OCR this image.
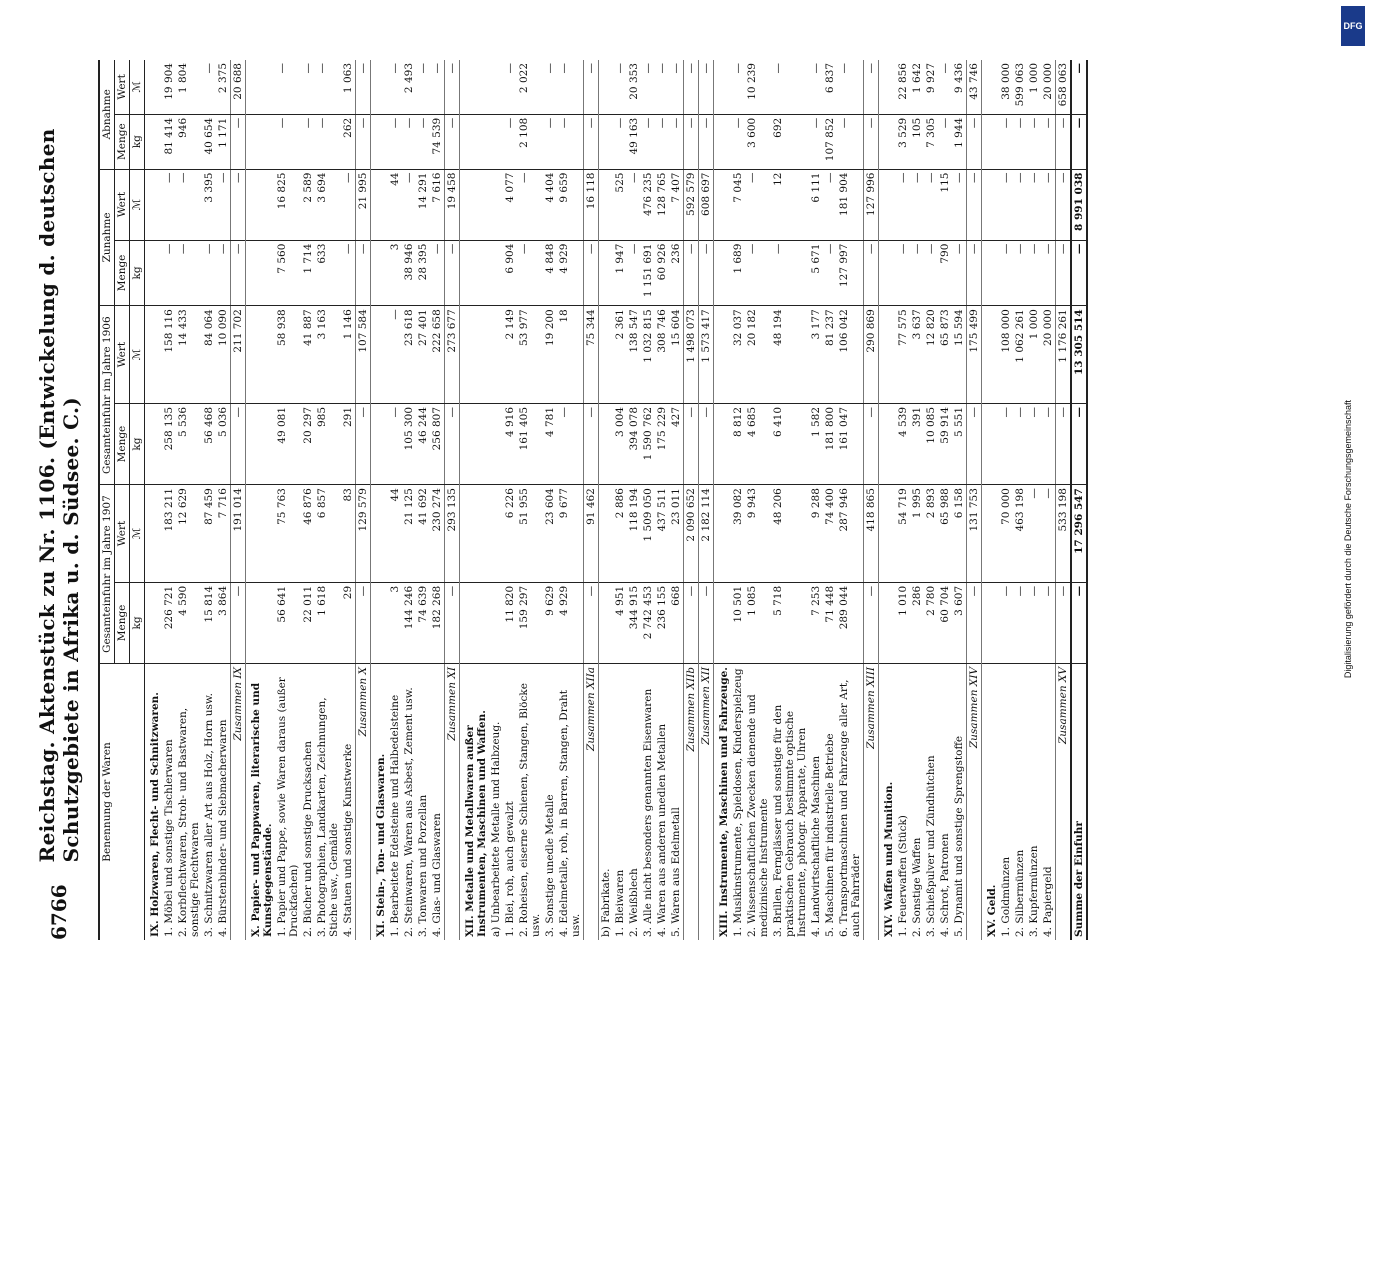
6766
Reichstag. Aktenstück zu Nr. 1106. (Entwickelung d. deutschen Schutzgebiete in Afrika u. d. Südsee. C.) Benennung der Waren	Gesamteinfuhr im Jahre 1907		Gesamteinfuhr im Jahre 1906		Zunahme		Abnahme	
	Menge	Wert	Menge	Wert	Menge	Wert	Menge	Wert
	kg	ℳ	kg	ℳ	kg	ℳ	kg	ℳ
IX. Holzwaren, Flecht- und Schnitzwaren.								
1. Möbel und sonstige Tischlerwaren	226 721	183 211	258 135	158 116	—	—	81 414	19 904
2. Korbflechtwaren, Stroh- und Bastwaren, sonstige Flechtwaren	4 590	12 629	5 536	14 433	—	—	946	1 804
3. Schnitzwaren aller Art aus Holz, Horn usw.	15 814	87 459	56 468	84 064	—	3 395	40 654	—
4. Bürstenbinder- und Siebmacherwaren	3 864	7 716	5 036	10 090	—	—	1 171	2 375
Zusammen IX	—	191 014	—	211 702	—	—	—	20 688
X. Papier- und Pappwaren, literarische und Kunstgegenstände.								
1. Papier und Pappe, sowie Waren daraus (außer Druckfachen)	56 641	75 763	49 081	58 938	7 560	16 825	—	—
2. Bücher und sonstige Drucksachen	22 011	46 876	20 297	41 887	1 714	2 589	—	—
3. Photographien, Landkarten, Zeichnungen, Stiche usw., Gemälde	1 618	6 857	985	3 163	633	3 694	—	—
4. Statuen und sonstige Kunstwerke	29	83	291	1 146	—	—	262	1 063
Zusammen X	—	129 579	—	107 584	—	21 995	—	—
XI. Stein-, Ton- und Glaswaren.								
1. Bearbeitete Edelsteine und Halbedelsteine	3	44	—	—	3	44	—	—
2. Steinwaren, Waren aus Asbest, Zement usw.	144 246	21 125	105 300	23 618	38 946	—	—	2 493
3. Tonwaren und Porzellan	74 639	41 692	46 244	27 401	28 395	14 291	—	—
4. Glas- und Glaswaren	182 268	230 274	256 807	222 658	—	7 616	74 539	—
Zusammen XI	—	293 135	—	273 677	—	19 458	—	—
XII. Metalle und Metallwaren außer Instrumenten, Maschinen und Waffen.								
a) Unbearbeitete Metalle und Halbzeug.								
1. Blei, roh, auch gewalzt	11 820	6 226	4 916	2 149	6 904	4 077	—	—
2. Roheisen, eiserne Schienen, Stangen, Blöcke usw.	159 297	51 955	161 405	53 977	—	—	2 108	2 022
3. Sonstige unedle Metalle	9 629	23 604	4 781	19 200	4 848	4 404	—	—
4. Edelmetalle, roh, in Barren, Stangen, Draht usw.	4 929	9 677	—	18	4 929	9 659	—	—
Zusammen XIIa	—	91 462	—	75 344	—	16 118	—	—
b) Fabrikate.								
1. Bleiwaren	4 951	2 886	3 004	2 361	1 947	525	—	—
2. Weißblech	344 915	118 194	394 078	138 547	—	—	49 163	20 353
3. Alle nicht besonders genannten Eisenwaren	2 742 453	1 509 050	1 590 762	1 032 815	1 151 691	476 235	—	—
4. Waren aus anderen unedlen Metallen	236 155	437 511	175 229	308 746	60 926	128 765	—	—
5. Waren aus Edelmetall	668	23 011	427	15 604	236	7 407	—	—
Zusammen XIIb	—	2 090 652	—	1 498 073	—	592 579	—	—
Zusammen XII	—	2 182 114	—	1 573 417	—	608 697	—	—
XIII. Instrumente, Maschinen und Fahrzeuge.								
1. Musikinstrumente, Spieldosen, Kinderspielzeug	10 501	39 082	8 812	32 037	1 689	7 045	—	—
2. Wissenschaftlichen Zwecken dienende und medizinische Instrumente	1 085	9 943	4 685	20 182	—	—	3 600	10 239
3. Brillen, Fernglässer und sonstige für den praktischen Gebrauch bestimmte optische Instrumente, photogr. Apparate, Uhren	5 718	48 206	6 410	48 194	—	12	692	—
4. Landwirtschaftliche Maschinen	7 253	9 288	1 582	3 177	5 671	6 111	—	—
5. Maschinen für industrielle Betriebe	71 448	74 400	181 800	81 237	—	—	107 852	6 837
6. Transportmaschinen und Fahrzeuge aller Art, auch Fahrräder	289 044	287 946	161 047	106 042	127 997	181 904	—	—
Zusammen XIII	—	418 865	—	290 869	—	127 996	—	—
XIV. Waffen und Munition.								
1. Feuerwaffen (Stück)	1 010	54 719	4 539	77 575	—	—	3 529	22 856
2. Sonstige Waffen	286	1 995	391	3 637	—	—	105	1 642
3. Schießpulver und Zündhütchen	2 780	2 893	10 085	12 820	—	—	7 305	9 927
4. Schrot, Patronen	60 704	65 988	59 914	65 873	790	115	—	—
5. Dynamit und sonstige Sprengstoffe	3 607	6 158	5 551	15 594	—	—	1 944	9 436
Zusammen XIV	—	131 753	—	175 499	—	—	—	43 746
XV. Geld.								
1. Goldmünzen	—	70 000	—	108 000	—	—	—	38 000
2. Silbermünzen	—	463 198	—	1 062 261	—	—	—	599 063
3. Kupfermünzen	—	—	—	1 000	—	—	—	1 000
4. Papiergeld	—	—	—	20 000	—	—	—	20 000
Zusammen XV	—	533 198	—	1 176 261	—	—	—	658 063
Summe der Einfuhr	—	17 296 547	—	13 305 514	—	8 991 038	—	—
Digitalisierung gefördert durch die Deutsche Forschungsgemeinschaft
DFG
